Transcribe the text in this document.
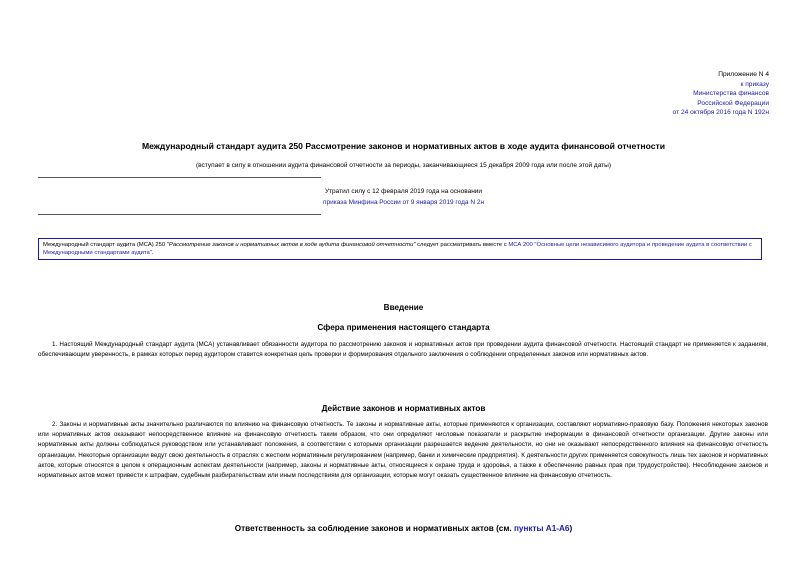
Приложение N 4
к приказу
Министерства финансов
Российской Федерации
от 24 октября 2016 года N 192н
Международный стандарт аудита 250 Рассмотрение законов и нормативных актов в ходе аудита финансовой отчетности
(вступает в силу в отношении аудита финансовой отчетности за периоды, заканчивающиеся 15 декабря 2009 года или после этой даты)
Утратил силу с 12 февраля 2019 года на основании
приказа Минфина России от 9 января 2019 года N 2н
Международный стандарт аудита (МСА) 250 "Рассмотрение законов и нормативных актов в ходе аудита финансовой отчетности" следует рассматривать вместе с МСА 200 "Основные цели независимого аудитора и проведение аудита в соответствии с Международными стандартами аудита".
Введение
Сфера применения настоящего стандарта
1. Настоящий Международный стандарт аудита (МСА) устанавливает обязанности аудитора по рассмотрению законов и нормативных актов при проведении аудита финансовой отчетности. Настоящий стандарт не применяется к заданиям, обеспечивающим уверенность, в рамках которых перед аудитором ставится конкретная цель проверки и формирования отдельного заключения о соблюдении определенных законов или нормативных актов.
Действие законов и нормативных актов
2. Законы и нормативные акты значительно различаются по влиянию на финансовую отчетность. Те законы и нормативные акты, которые применяются к организации, составляют нормативно-правовую базу. Положения некоторых законов или нормативных актов оказывают непосредственное влияние на финансовую отчетность таким образом, что они определяют числовые показатели и раскрытие информации в финансовой отчетности организации. Другие законы или нормативные акты должны соблюдаться руководством или устанавливают положения, в соответствии с которыми организации разрешается ведение деятельности, но они не оказывают непосредственного влияния на финансовую отчетность организации. Некоторые организации ведут свою деятельность в отраслях с жестким нормативным регулированием (например, банки и химические предприятия). К деятельности других применяется совокупность лишь тех законов и нормативных актов, которые относятся в целом к операционным аспектам деятельности (например, законы и нормативные акты, относящиеся к охране труда и здоровья, а также к обеспечению равных прав при трудоустройстве). Несоблюдение законов и нормативных актов может привести к штрафам, судебным разбирательствам или иным последствиям для организации, которые могут оказать существенное влияние на финансовую отчетность.
Ответственность за соблюдение законов и нормативных актов (см. пункты А1-А6)
